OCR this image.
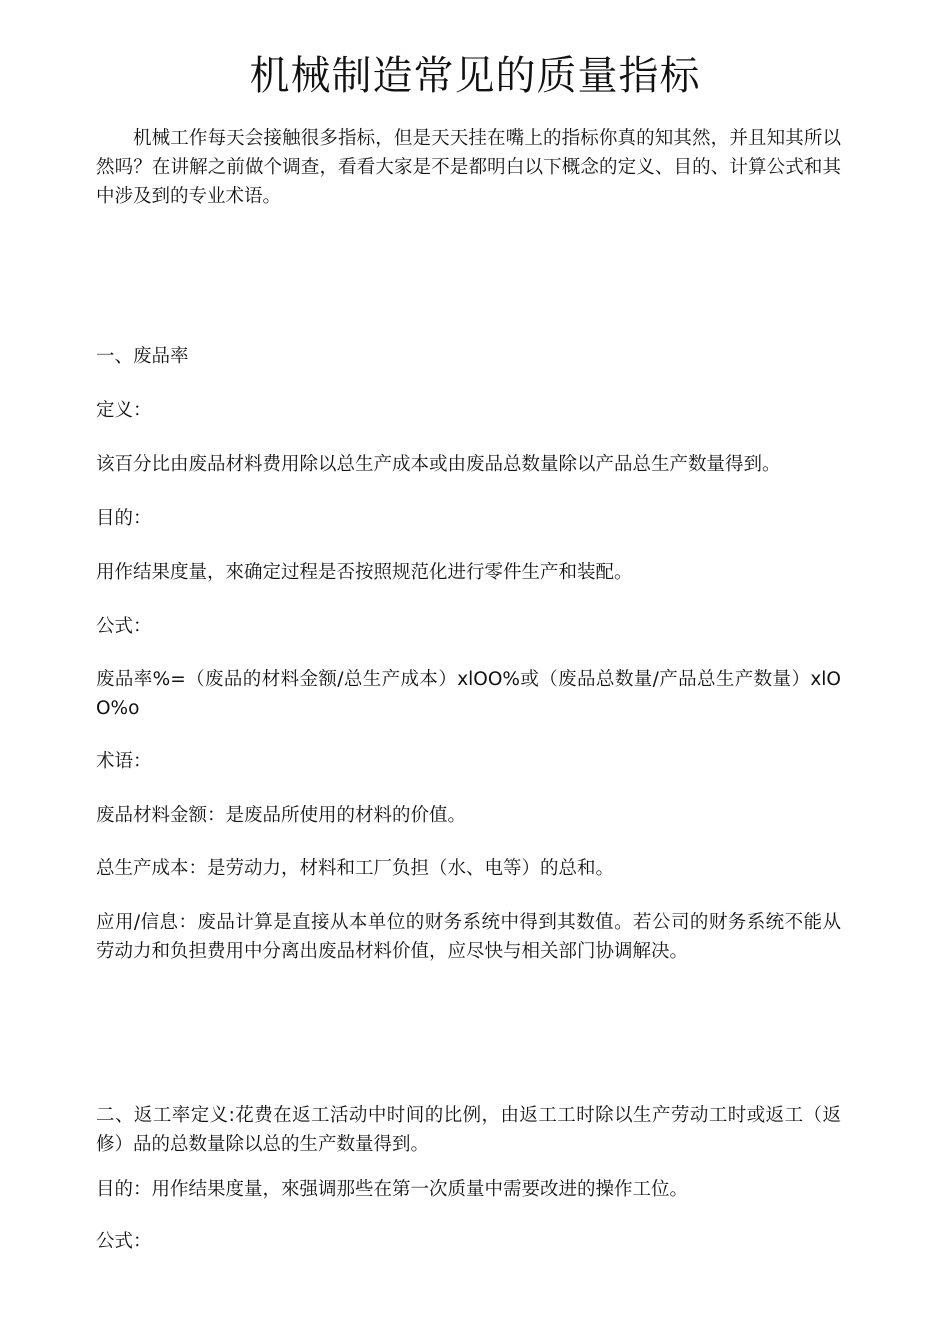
机械制造常见的质量指标

机械工作每天会接触很多指标，但是天天挂在嘴上的指标你真的知其然，并且知其所以然吗？在讲解之前做个调查，看看大家是不是都明白以下概念的定义、目的、计算公式和其中涉及到的专业术语。

一、废品率

定义：

该百分比由废品材料费用除以总生产成本或由废品总数量除以产品总生产数量得到。

目的：

用作结果度量，來确定过程是否按照规范化进行零件生产和装配。

公式：

废品率%=（废品的材料金额/总生产成本）xlOO%或（废品总数量/产品总生产数量）xlOO%o

术语：

废品材料金额：是废品所使用的材料的价值。

总生产成本：是劳动力，材料和工厂负担（水、电等）的总和。

应用/信息：废品计算是直接从本单位的财务系统中得到其数值。若公司的财务系统不能从劳动力和负担费用中分离出废品材料价值，应尽快与相关部门协调解决。

二、返工率定义:花费在返工活动中时间的比例，由返工工时除以生产劳动工时或返工（返修）品的总数量除以总的生产数量得到。

目的：用作结果度量，來强调那些在第一次质量中需要改进的操作工位。

公式：
